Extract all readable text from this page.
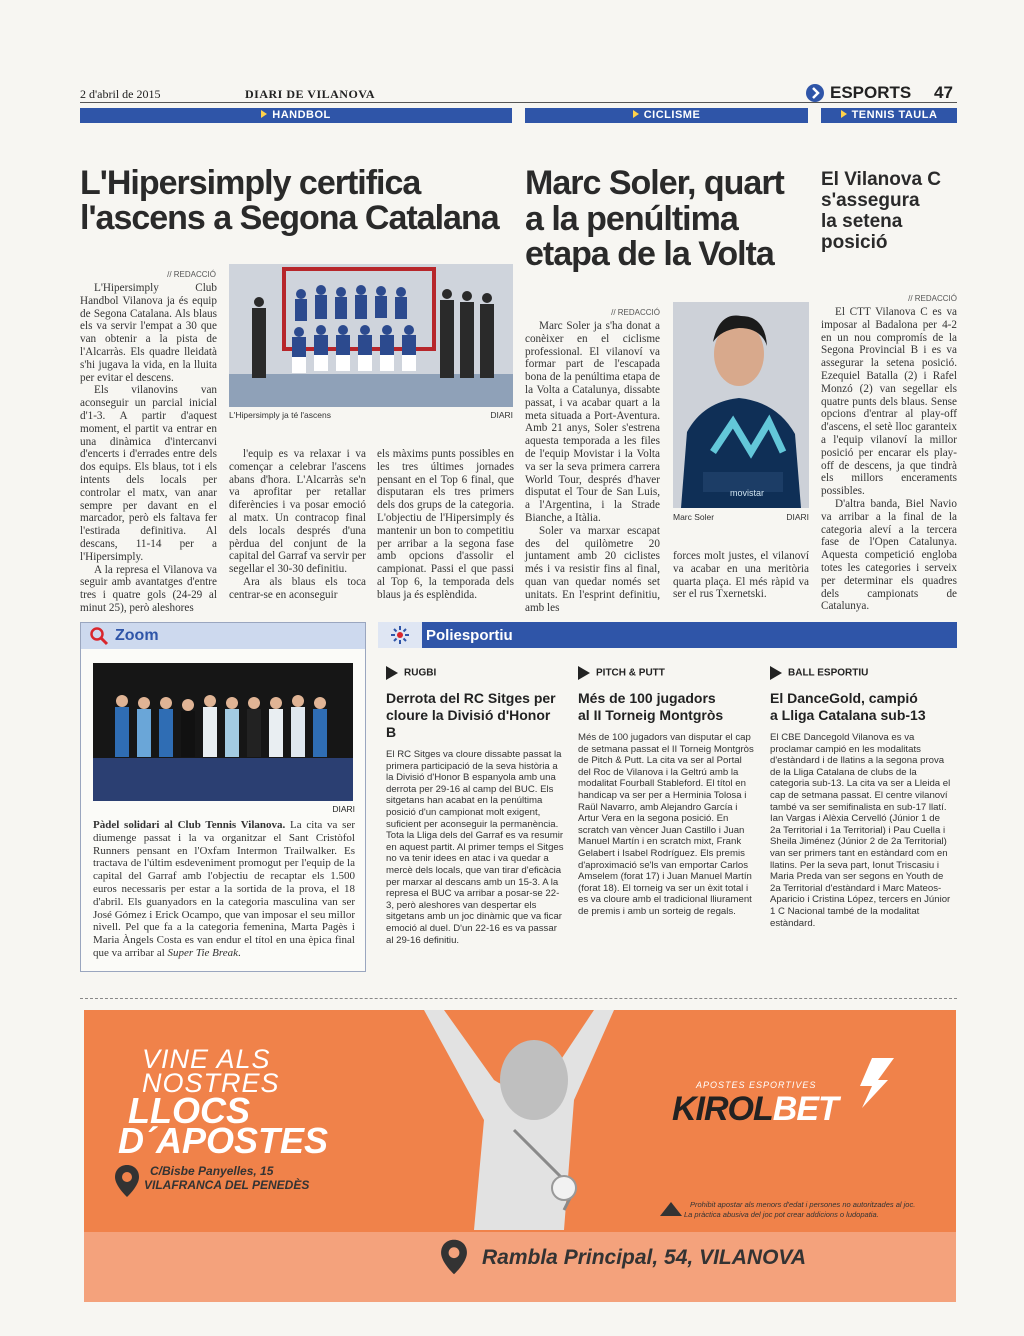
2 d'abril de 2015	DIARI DE VILANOVA	ESPORTS 47
HANDBOL	CICLISME	TENNIS TAULA
L'Hipersimply certifica
l'ascens a Segona Catalana
// REDACCIÓ

L'Hipersimply Club Handbol Vilanova ja és equip de Segona Catalana. Als blaus els va servir l'empat a 30 que van obtenir a la pista de l'Alcarràs. Els quadre lleidatà s'hi jugava la vida, en la lluita per evitar el descens.

Els vilanovins van aconseguir un parcial inicial d'1-3. A partir d'aquest moment, el partit va entrar en una dinàmica d'intercanvi d'encerts i d'errades entre dels dos equips. Els blaus, tot i els intents dels locals per controlar el matx, van anar sempre per davant en el marcador, però els faltava fer l'estirada definitiva. Al descans, 11-14 per a l'Hipersimply.

A la represa el Vilanova va seguir amb avantatges d'entre tres i quatre gols (24-29 al minut 25), però aleshores

L'Hipersimply ja té l'ascens	DIARI

l'equip es va relaxar i va començar a celebrar l'ascens abans d'hora. L'Alcarràs se'n va aprofitar per retallar diferències i va posar emoció al matx. Un contracop final dels locals després d'una pèrdua del conjunt de la capital del Garraf va servir per segellar el 30-30 definitiu.

Ara als blaus els toca centrar-se en aconseguir

els màxims punts possibles en les tres últimes jornades pensant en el Top 6 final, que disputaran els tres primers dels dos grups de la categoria. L'objectiu de l'Hipersimply és mantenir un bon to competitiu per arribar a la segona fase amb opcions d'assolir el campionat. Passi el que passi al Top 6, la temporada dels blaus ja és esplèndida.

Marc Soler, quart
a la penúltima
etapa de la Volta
// REDACCIÓ

Marc Soler ja s'ha donat a conèixer en el ciclisme professional. El vilanoví va formar part de l'escapada bona de la penúltima etapa de la Volta a Catalunya, dissabte passat, i va acabar quart a la meta situada a Port-Aventura. Amb 21 anys, Soler s'estrena aquesta temporada a les files de l'equip Movistar i la Volta va ser la seva primera carrera World Tour, després d'haver disputat el Tour de San Luis, a l'Argentina, i la Strade Bianche, a Itàlia.

Soler va marxar escapat des del quilòmetre 20 juntament amb 20 ciclistes més i va resistir fins al final, quan van quedar només set unitats. En l'esprint definitiu, amb les

movistar
Marc Soler	DIARI

forces molt justes, el vilanoví va acabar en una meritòria quarta plaça. El més ràpid va ser el rus Txernetski.

El Vilanova C
s'assegura
la setena
posició
// REDACCIÓ

El CTT Vilanova C es va imposar al Badalona per 4-2 en un nou compromís de la Segona Provincial B i es va assegurar la setena posició. Ezequiel Batalla (2) i Rafel Monzó (2) van segellar els quatre punts dels blaus. Sense opcions d'entrar al play-off d'ascens, el setè lloc garanteix a l'equip vilanoví la millor posició per encarar els play-off de descens, ja que tindrà els millors enceraments possibles.

D'altra banda, Biel Navio va arribar a la final de la categoria aleví a la tercera fase de l'Open Catalunya. Aquesta competició engloba totes les categories i serveix per determinar els quadres dels campionats de Catalunya.

Zoom
DIARI
Pàdel solidari al Club Tennis Vilanova. La cita va ser diumenge passat i la va organitzar el Sant Cristòfol Runners pensant en l'Oxfam Intermon Trailwalker. Es tractava de l'últim esdeveniment promogut per l'equip de la capital del Garraf amb l'objectiu de recaptar els 1.500 euros necessaris per estar a la sortida de la prova, el 18 d'abril. Els guanyadors en la categoria masculina van ser José Gómez i Erick Ocampo, que van imposar el seu millor nivell. Pel que fa a la categoria femenina, Marta Pagès i Maria Àngels Costa es van endur el títol en una èpica final que va arribar al Super Tie Break.
Poliesportiu
RUGBI
Derrota del RC Sitges per
cloure la Divisió d'Honor B
El RC Sitges va cloure dissabte passat la primera participació de la seva història a la Divisió d'Honor B espanyola amb una derrota per 29-16 al camp del BUC. Els sitgetans han acabat en la penúltima posició d'un campionat molt exigent, suficient per aconseguir la permanència. Tota la Lliga dels del Garraf es va resumir en aquest partit. Al primer temps el Sitges no va tenir idees en atac i va quedar a mercè dels locals, que van tirar d'eficàcia per marxar al descans amb un 15-3. A la represa el BUC va arribar a posar-se 22-3, però aleshores van despertar els sitgetans amb un joc dinàmic que va ficar emoció al duel. D'un 22-16 es va passar al 29-16 definitiu.
PITCH & PUTT
Més de 100 jugadors
al II Torneig Montgròs
Més de 100 jugadors van disputar el cap de setmana passat el II Torneig Montgròs de Pitch & Putt. La cita va ser al Portal del Roc de Vilanova i la Geltrú amb la modalitat Fourball Stableford. El títol en handicap va ser per a Herminia Tolosa i Raül Navarro, amb Alejandro García i Artur Vera en la segona posició. En scratch van vèncer Juan Castillo i Juan Manuel Martín i en scratch mixt, Frank Gelabert i Isabel Rodríguez. Els premis d'aproximació se'ls van emportar Carlos Amselem (forat 17) i Juan Manuel Martín (forat 18). El torneig va ser un èxit total i es va cloure amb el tradicional lliurament de premis i amb un sorteig de regals.
BALL ESPORTIU
El DanceGold, campió
a Lliga Catalana sub-13
El CBE Dancegold Vilanova es va proclamar campió en les modalitats d'estàndard i de llatins a la segona prova de la Lliga Catalana de clubs de la categoria sub-13. La cita va ser a Lleida el cap de setmana passat. El centre vilanoví també va ser semifinalista en sub-17 llatí. Ian Vargas i Alèxia Cervelló (Júnior 1 de 2a Territorial i 1a Territorial) i Pau Cuella i Sheila Jiménez (Júnior 2 de 2a Territorial) van ser primers tant en estàndard com en llatins. Per la seva part, Ionut Triscasiu i Maria Preda van ser segons en Youth de 2a Territorial d'estàndard i Marc Mateos-Aparicio i Cristina López, tercers en Júnior 1 C Nacional també de la modalitat estàndard.
VINE ALS
NOSTRES
LLOCS
D´APOSTES
C/Bisbe Panyelles, 15
VILAFRANCA DEL PENEDÈS
APOSTES ESPORTIVES
KIROLBET
Prohibit apostar als menors d'edat i persones no autoritzades al joc.
La pràctica abusiva del joc pot crear addicions o ludopatia.
Rambla Principal, 54, VILANOVA
